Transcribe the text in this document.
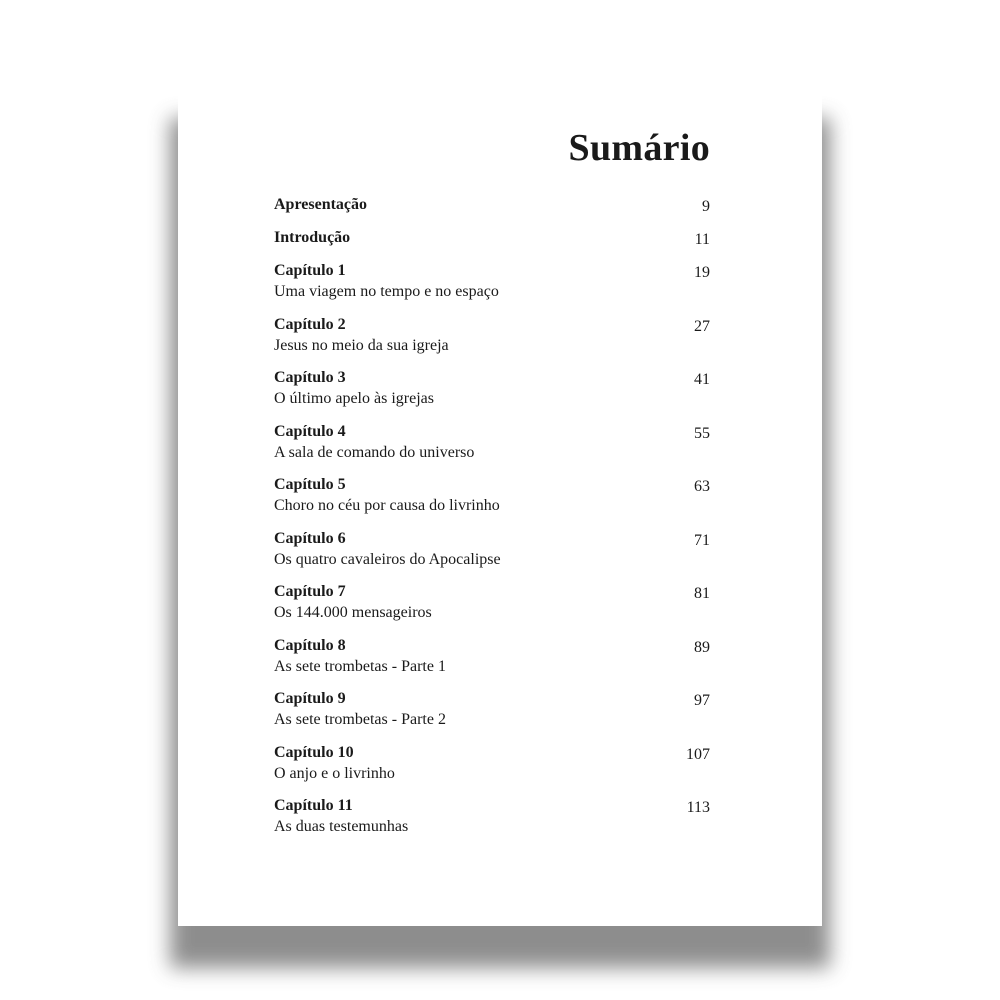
Sumário
Apresentação	9
Introdução	11
Capítulo 1
Uma viagem no tempo e no espaço
19
Capítulo 2
Jesus no meio da sua igreja
27
Capítulo 3
O último apelo às igrejas
41
Capítulo 4
A sala de comando do universo
55
Capítulo 5
Choro no céu por causa do livrinho
63
Capítulo 6
Os quatro cavaleiros do Apocalipse
71
Capítulo 7
Os 144.000 mensageiros
81
Capítulo 8
As sete trombetas - Parte 1
89
Capítulo 9
As sete trombetas - Parte 2
97
Capítulo 10
O anjo e o livrinho
107
Capítulo 11
As duas testemunhas
113
